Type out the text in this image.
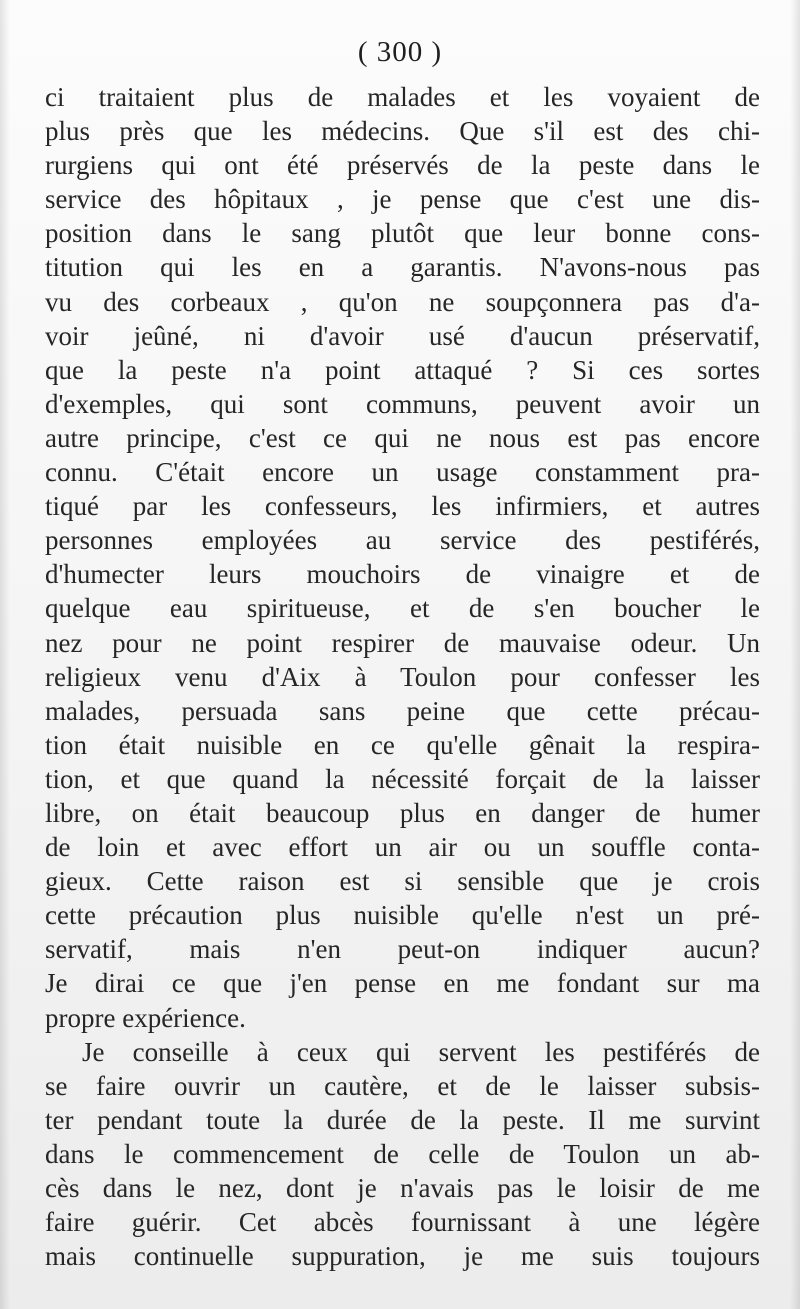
( 300 )
ci traitaient plus de malades et les voyaient de
plus près que les médecins. Que s'il est des chi-
rurgiens qui ont été préservés de la peste dans le
service des hôpitaux , je pense que c'est une dis-
position dans le sang plutôt que leur bonne cons-
titution qui les en a garantis. N'avons-nous pas
vu des corbeaux , qu'on ne soupçonnera pas d'a-
voir jeûné, ni d'avoir usé d'aucun préservatif,
que la peste n'a point attaqué ? Si ces sortes
d'exemples, qui sont communs, peuvent avoir un
autre principe, c'est ce qui ne nous est pas encore
connu. C'était encore un usage constamment pra-
tiqué par les confesseurs, les infirmiers, et autres
personnes employées au service des pestiférés,
d'humecter leurs mouchoirs de vinaigre et de
quelque eau spiritueuse, et de s'en boucher le
nez pour ne point respirer de mauvaise odeur. Un
religieux venu d'Aix à Toulon pour confesser les
malades, persuada sans peine que cette précau-
tion était nuisible en ce qu'elle gênait la respira-
tion, et que quand la nécessité forçait de la laisser
libre, on était beaucoup plus en danger de humer
de loin et avec effort un air ou un souffle conta-
gieux. Cette raison est si sensible que je crois
cette précaution plus nuisible qu'elle n'est un pré-
servatif, mais n'en peut-on indiquer aucun?
Je dirai ce que j'en pense en me fondant sur ma
propre expérience.
Je conseille à ceux qui servent les pestiférés de
se faire ouvrir un cautère, et de le laisser subsis-
ter pendant toute la durée de la peste. Il me survint
dans le commencement de celle de Toulon un ab-
cès dans le nez, dont je n'avais pas le loisir de me
faire guérir. Cet abcès fournissant à une légère
mais continuelle suppuration, je me suis toujours
